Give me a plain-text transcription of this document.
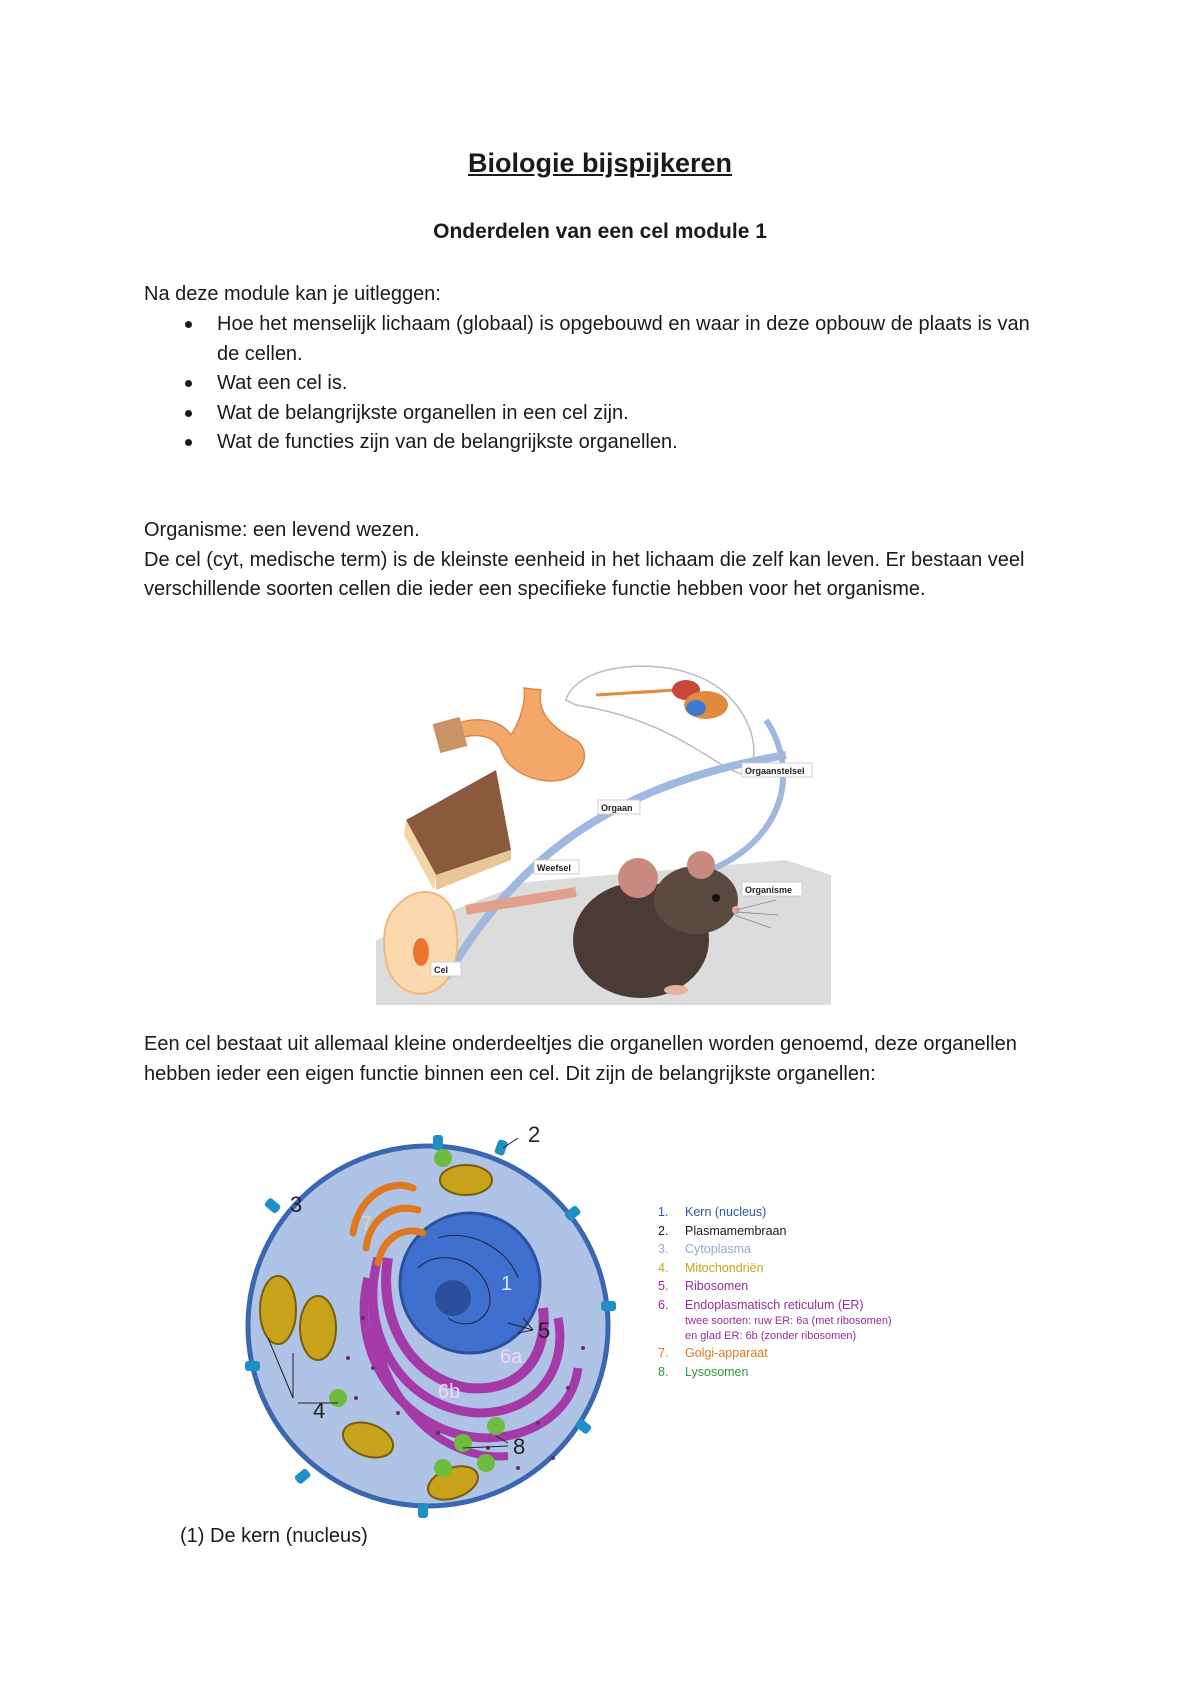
Biologie bijspijkeren
Onderdelen van een cel module 1
Na deze module kan je uitleggen:
Hoe het menselijk lichaam (globaal) is opgebouwd en waar in deze opbouw de plaats is van de cellen.
Wat een cel is.
Wat de belangrijkste organellen in een cel zijn.
Wat de functies zijn van de belangrijkste organellen.
Organisme: een levend wezen.
De cel (cyt, medische term) is de kleinste eenheid in het lichaam die zelf kan leven. Er bestaan veel verschillende soorten cellen die ieder een specifieke functie hebben voor het organisme.
Cel
Weefsel
Orgaan
Orgaanstelsel
Organisme
Een cel bestaat uit allemaal kleine onderdeeltjes die organellen worden genoemd, deze organellen hebben ieder een eigen functie binnen een cel. Dit zijn de belangrijkste organellen:
2
3
7
1
5
6a
6b
4
8
1. Kern (nucleus)
2. Plasmamembraan
3. Cytoplasma
4. Mitochondriën
5. Ribosomen
6. Endoplasmatisch reticulum (ER)
twee soorten: ruw ER: 6a (met ribosomen)
en glad ER: 6b (zonder ribosomen)
7. Golgi-apparaat
8. Lysosomen
(1) De kern (nucleus)
